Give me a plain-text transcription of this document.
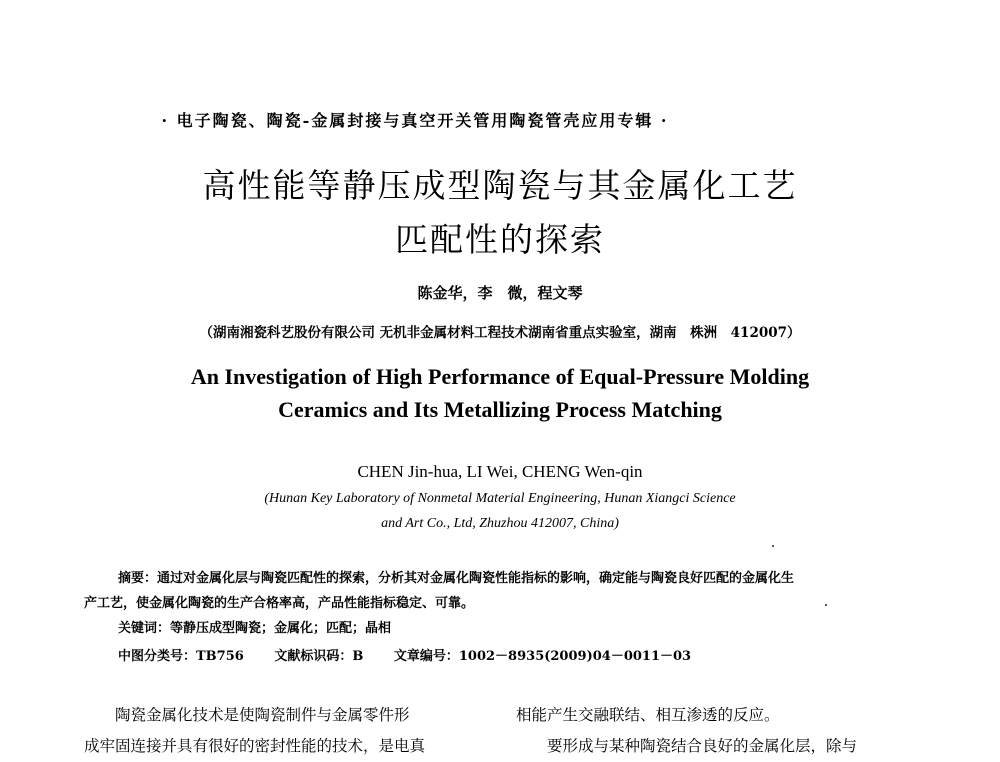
· 电子陶瓷、陶瓷-金属封接与真空开关管用陶瓷管壳应用专辑 ·
高性能等静压成型陶瓷与其金属化工艺
匹配性的探索
陈金华，李　微，程文琴
（湖南湘瓷科艺股份有限公司 无机非金属材料工程技术湖南省重点实验室，湖南　株洲　412007）
An Investigation of High Performance of Equal-Pressure Molding
Ceramics and Its Metallizing Process Matching
CHEN Jin-hua, LI Wei, CHENG Wen-qin
(Hunan Key Laboratory of Nonmetal Material Engineering, Hunan Xiangci Science
and Art Co., Ltd, Zhuzhou 412007, China)
摘要：通过对金属化层与陶瓷匹配性的探索，分析其对金属化陶瓷性能指标的影响，确定能与陶瓷良好匹配的金属化生
产工艺，使金属化陶瓷的生产合格率高，产品性能指标稳定、可靠。
关键词：等静压成型陶瓷；金属化；匹配；晶相
中图分类号：TB756 文献标识码：B 文章编号：1002－8935(2009)04－0011－03
陶瓷金属化技术是使陶瓷制件与金属零件形
成牢固连接并具有很好的密封性能的技术，是电真
相能产生交融联结、相互渗透的反应。
要形成与某种陶瓷结合良好的金属化层，除与
